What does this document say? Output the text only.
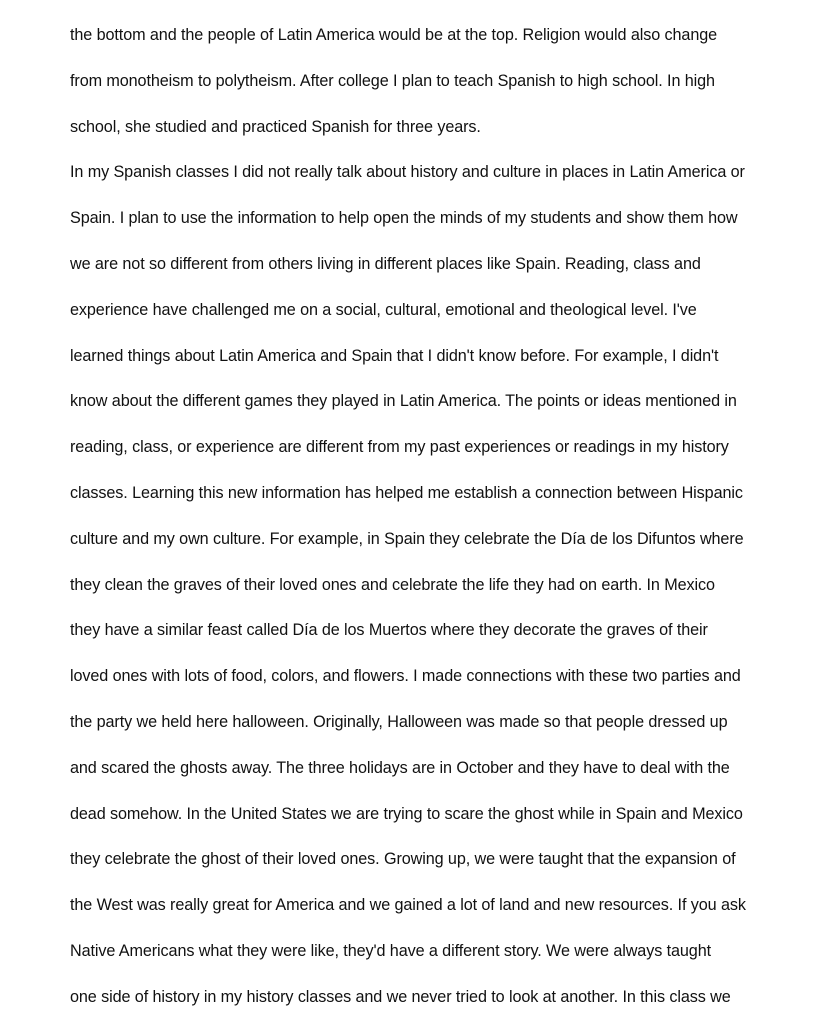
the bottom and the people of Latin America would be at the top. Religion would also change
from monotheism to polytheism. After college I plan to teach Spanish to high school. In high
school, she studied and practiced Spanish for three years.
In my Spanish classes I did not really talk about history and culture in places in Latin America or
Spain. I plan to use the information to help open the minds of my students and show them how
we are not so different from others living in different places like Spain. Reading, class and
experience have challenged me on a social, cultural, emotional and theological level. I've
learned things about Latin America and Spain that I didn't know before. For example, I didn't
know about the different games they played in Latin America. The points or ideas mentioned in
reading, class, or experience are different from my past experiences or readings in my history
classes. Learning this new information has helped me establish a connection between Hispanic
culture and my own culture. For example, in Spain they celebrate the Día de los Difuntos where
they clean the graves of their loved ones and celebrate the life they had on earth. In Mexico
they have a similar feast called Día de los Muertos where they decorate the graves of their
loved ones with lots of food, colors, and flowers. I made connections with these two parties and
the party we held here halloween. Originally, Halloween was made so that people dressed up
and scared the ghosts away. The three holidays are in October and they have to deal with the
dead somehow. In the United States we are trying to scare the ghost while in Spain and Mexico
they celebrate the ghost of their loved ones. Growing up, we were taught that the expansion of
the West was really great for America and we gained a lot of land and new resources. If you ask
Native Americans what they were like, they'd have a different story. We were always taught
one side of history in my history classes and we never tried to look at another. In this class we
